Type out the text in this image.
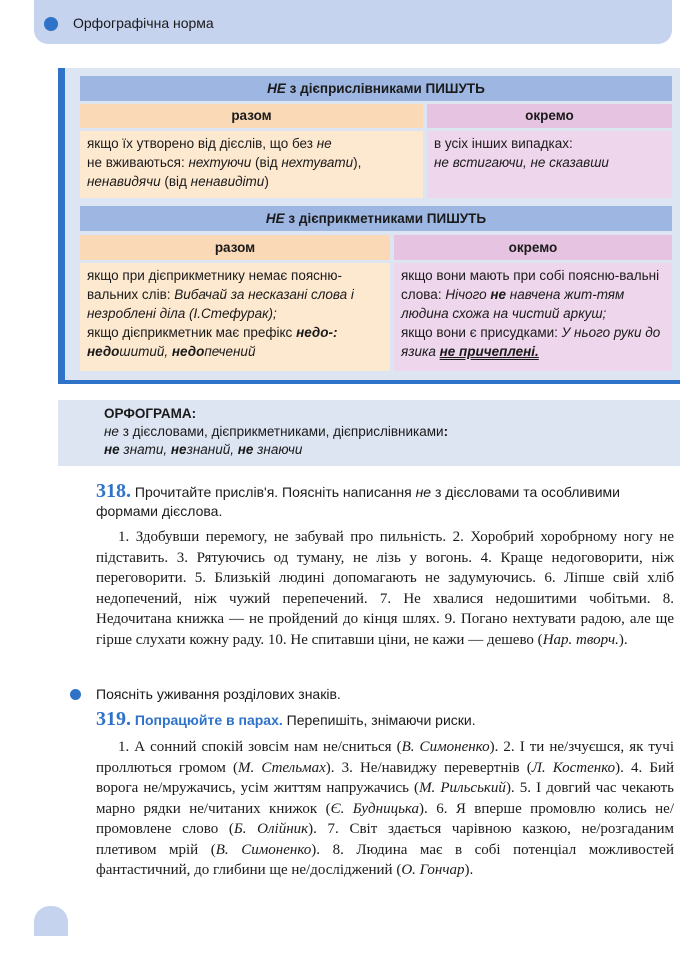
Орфографічна норма
НЕ з дієприслівниками ПИШУТЬ
разом	окремо
якщо їх утворено від дієслів, що без не
не вживаються: нехтуючи (від нехтувати),
ненавидячи (від ненавидіти)
в усіх інших випадках:
не встигаючи, не сказавши
НЕ з дієприкметниками ПИШУТЬ
разом	окремо
якщо при дієприкметнику немає поясню-вальних слів: Вибачай за несказані слова і незроблені діла (І.Стефурак);
якщо дієприкметник має префікс недо-:
недошитий, недопечений
якщо вони мають при собі поясню-вальні слова: Нічого не навчена жит-тям людина схожа на чистий аркуш;
якщо вони є присудками: У нього руки до язика не причеплені.
ОРФОГРАМА:
не з дієсловами, дієприкметниками, дієприслівниками:
не знати, незнаний, не знаючи
318. Прочитайте прислів'я. Поясніть написання не з дієсловами та особливими формами дієслова.
1. Здобувши перемогу, не забувай про пильність. 2. Хоробрий хоробрному ногу не підставить. 3. Рятуючись од туману, не лізь у вогонь. 4. Краще недоговорити, ніж переговорити. 5. Близькій людині допомагають не задумуючись. 6. Ліпше свій хліб недопечений, ніж чужий перепечений. 7. Не хвалися недошитими чобітьми. 8. Недочитана книжка — не пройдений до кінця шлях. 9. Погано нехтувати радою, але ще гірше слухати кожну раду. 10. Не спитавши ціни, не кажи — дешево (Нар. творч.).
Поясніть уживання розділових знаків.
319. Попрацюйте в парах. Перепишіть, знімаючи риски.
1. А сонний спокій зовсім нам не/сниться (В. Симоненко). 2. І ти не/зчуєшся, як тучі проллються громом (М. Стельмах). 3. Не/навиджу перевертнів (Л. Костенко). 4. Бий ворога не/мружачись, усім життям напружачись (М. Рильський). 5. І довгий час чекають марно рядки не/читаних книжок (Є. Будницька). 6. Я вперше промовлю колись не/промовлене слово (Б. Олійник). 7. Світ здається чарівною казкою, не/розгаданим плетивом мрій (В. Симоненко). 8. Людина має в собі потенціал можливостей фантастичний, до глибини ще не/досліджений (О. Гончар).
